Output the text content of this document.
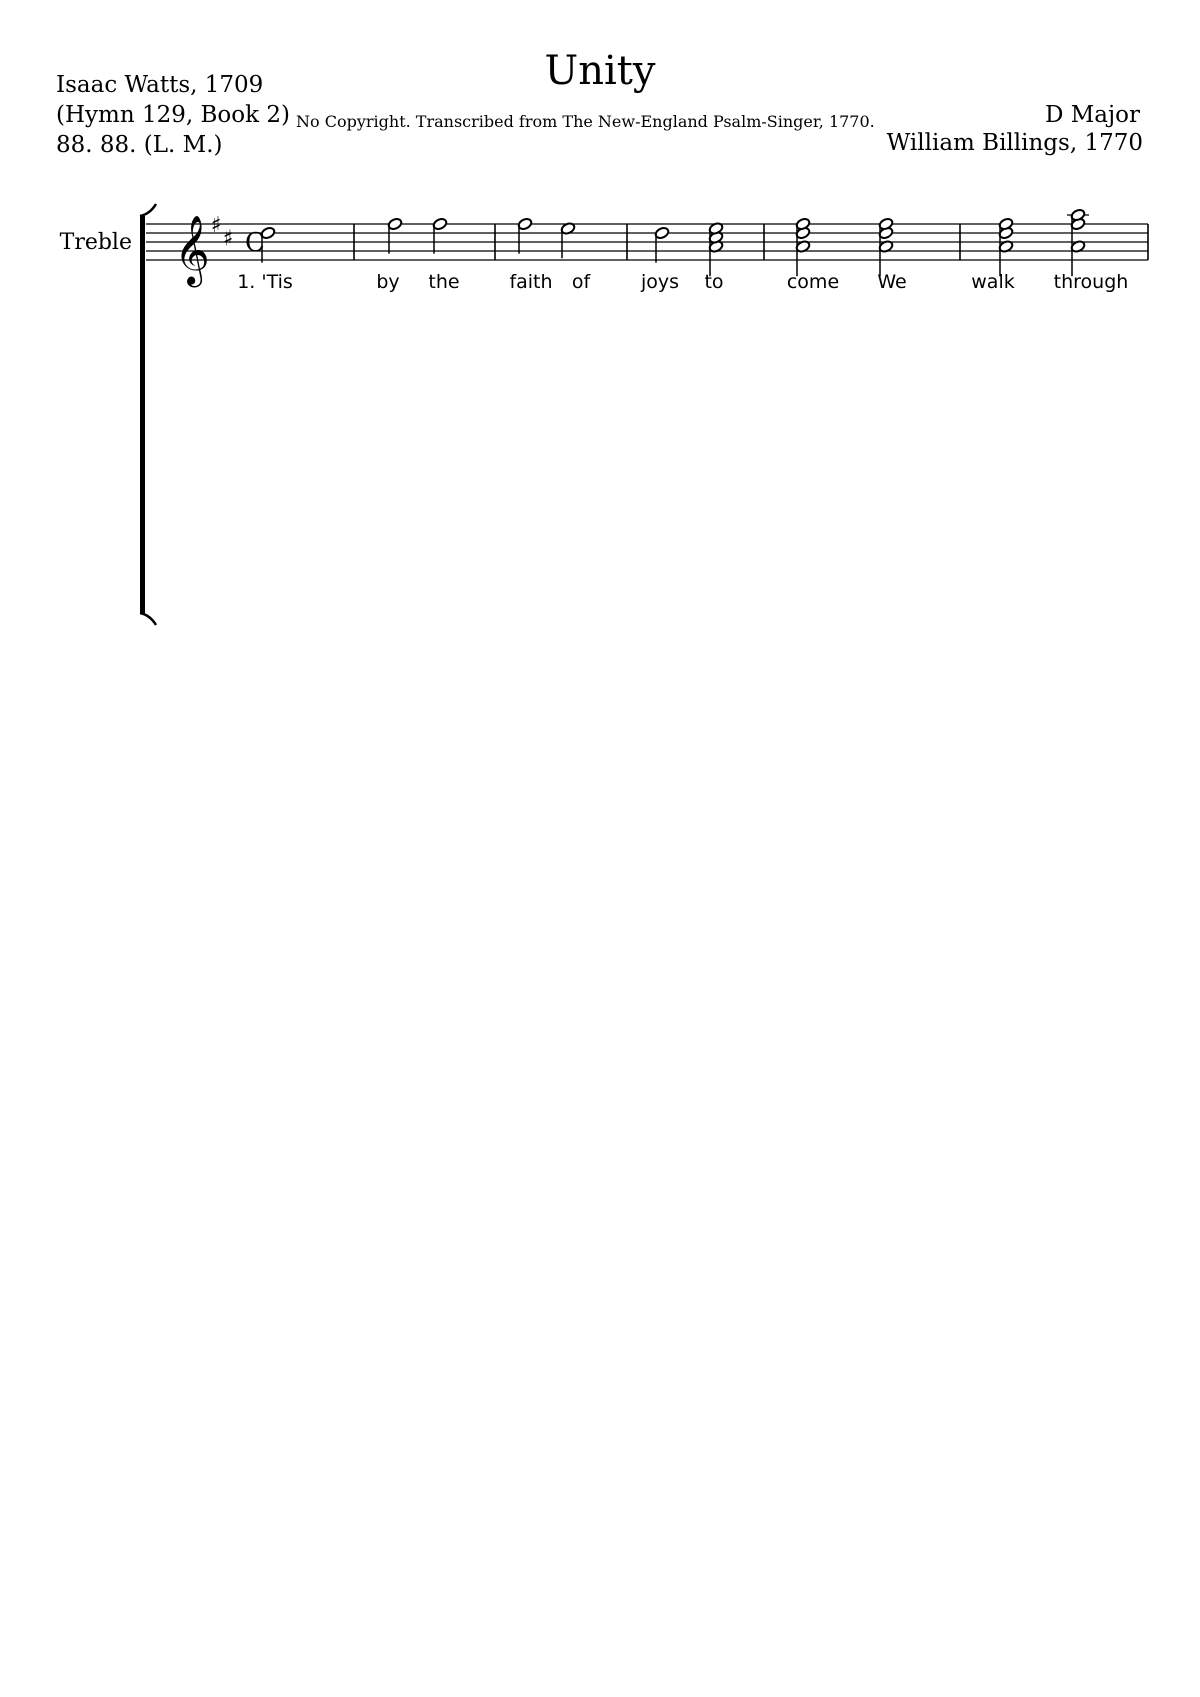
Unity
Isaac Watts, 1709
(Hymn 129, Book 2)
88. 88. (L. M.)
No Copyright. Transcribed from The New-England Psalm-Singer, 1770.	D Major
William Billings, 1770
Treble 𝄞 ♯
♯ C
1. 'Tis	by the	faith of	joys to	come We	walk through
